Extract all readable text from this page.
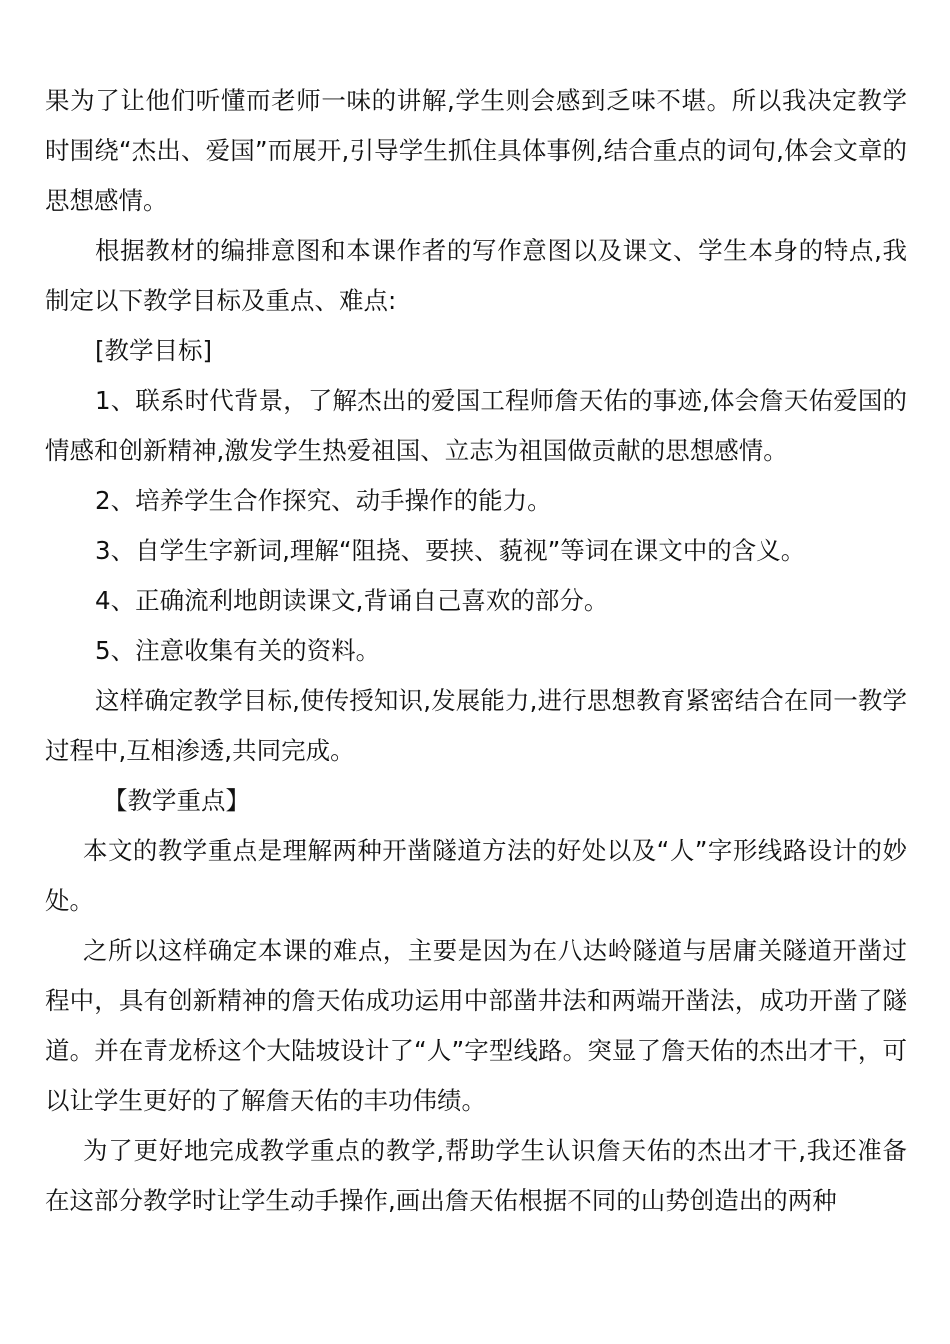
果为了让他们听懂而老师一味的讲解,学生则会感到乏味不堪。所以我决定教学时围绕“杰出、爱国”而展开,引导学生抓住具体事例,结合重点的词句,体会文章的思想感情。

根据教材的编排意图和本课作者的写作意图以及课文、学生本身的特点,我制定以下教学目标及重点、难点:

[教学目标]

1、联系时代背景，了解杰出的爱国工程师詹天佑的事迹,体会詹天佑爱国的情感和创新精神,激发学生热爱祖国、立志为祖国做贡献的思想感情。

2、培养学生合作探究、动手操作的能力。

3、自学生字新词,理解“阻挠、要挟、藐视”等词在课文中的含义。

4、正确流利地朗读课文,背诵自己喜欢的部分。

5、注意收集有关的资料。

这样确定教学目标,使传授知识,发展能力,进行思想教育紧密结合在同一教学过程中,互相渗透,共同完成。

【教学重点】

本文的教学重点是理解两种开凿隧道方法的好处以及“人”字形线路设计的妙处。

之所以这样确定本课的难点，主要是因为在八达岭隧道与居庸关隧道开凿过程中，具有创新精神的詹天佑成功运用中部凿井法和两端开凿法，成功开凿了隧道。并在青龙桥这个大陆坡设计了“人”字型线路。突显了詹天佑的杰出才干，可以让学生更好的了解詹天佑的丰功伟绩。

为了更好地完成教学重点的教学,帮助学生认识詹天佑的杰出才干,我还准备在这部分教学时让学生动手操作,画出詹天佑根据不同的山势创造出的两种
